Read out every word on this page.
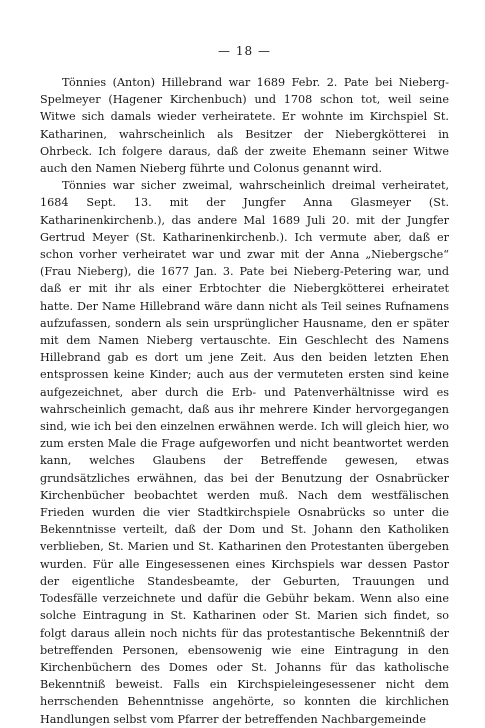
— 18 —

Tönnies (Anton) Hillebrand war 1689 Febr. 2. Pate bei Nieberg-Spelmeyer (Hagener Kirchenbuch) und 1708 schon tot, weil seine Witwe sich damals wieder verheiratete. Er wohnte im Kirchspiel St. Katharinen, wahrscheinlich als Besitzer der Niebergkötterei in Ohrbeck. Ich folgere daraus, daß der zweite Ehemann seiner Witwe auch den Namen Nieberg führte und Colonus genannt wird.

Tönnies war sicher zweimal, wahrscheinlich dreimal verheiratet, 1684 Sept. 13. mit der Jungfer Anna Glasmeyer (St. Katharinenkirchenb.), das andere Mal 1689 Juli 20. mit der Jungfer Gertrud Meyer (St. Katharinenkirchenb.). Ich vermute aber, daß er schon vorher verheiratet war und zwar mit der Anna „Niebergsche“ (Frau Nieberg), die 1677 Jan. 3. Pate bei Nieberg-Petering war, und daß er mit ihr als einer Erbtochter die Niebergkötterei erheiratet hatte. Der Name Hillebrand wäre dann nicht als Teil seines Rufnamens aufzufassen, sondern als sein ursprünglicher Hausname, den er später mit dem Namen Nieberg vertauschte. Ein Geschlecht des Namens Hillebrand gab es dort um jene Zeit. Aus den beiden letzten Ehen entsprossen keine Kinder; auch aus der vermuteten ersten sind keine aufgezeichnet, aber durch die Erb- und Patenverhältnisse wird es wahrscheinlich gemacht, daß aus ihr mehrere Kinder hervorgegangen sind, wie ich bei den einzelnen erwähnen werde. Ich will gleich hier, wo zum ersten Male die Frage aufgeworfen und nicht beantwortet werden kann, welches Glaubens der Betreffende gewesen, etwas grundsätzliches erwähnen, das bei der Benutzung der Osnabrücker Kirchenbücher beobachtet werden muß. Nach dem westfälischen Frieden wurden die vier Stadtkirchspiele Osnabrücks so unter die Bekenntnisse verteilt, daß der Dom und St. Johann den Katholiken verblieben, St. Marien und St. Katharinen den Protestanten übergeben wurden. Für alle Eingesessenen eines Kirchspiels war dessen Pastor der eigentliche Standesbeamte, der Geburten, Trauungen und Todesfälle verzeichnete und dafür die Gebühr bekam. Wenn also eine solche Eintragung in St. Katharinen oder St. Marien sich findet, so folgt daraus allein noch nichts für das protestantische Bekenntniß der betreffenden Personen, ebensowenig wie eine Eintragung in den Kirchenbüchern des Domes oder St. Johanns für das katholische Bekenntniß beweist. Falls ein Kirchspieleingesessener nicht dem herrschenden Behenntnisse angehörte, so konnten die kirchlichen Handlungen selbst vom Pfarrer der betreffenden Nachbargemeinde
